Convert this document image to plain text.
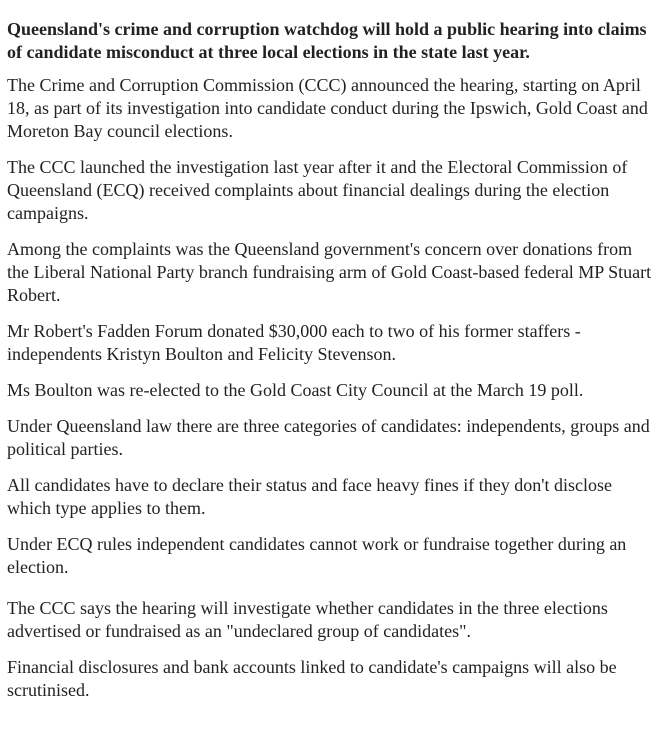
Queensland's crime and corruption watchdog will hold a public hearing into claims of candidate misconduct at three local elections in the state last year.

The Crime and Corruption Commission (CCC) announced the hearing, starting on April 18, as part of its investigation into candidate conduct during the Ipswich, Gold Coast and Moreton Bay council elections.

The CCC launched the investigation last year after it and the Electoral Commission of Queensland (ECQ) received complaints about financial dealings during the election campaigns.

Among the complaints was the Queensland government's concern over donations from the Liberal National Party branch fundraising arm of Gold Coast-based federal MP Stuart Robert.

Mr Robert's Fadden Forum donated $30,000 each to two of his former staffers - independents Kristyn Boulton and Felicity Stevenson.

Ms Boulton was re-elected to the Gold Coast City Council at the March 19 poll.

Under Queensland law there are three categories of candidates: independents, groups and political parties.

All candidates have to declare their status and face heavy fines if they don't disclose which type applies to them.

Under ECQ rules independent candidates cannot work or fundraise together during an election.

The CCC says the hearing will investigate whether candidates in the three elections advertised or fundraised as an "undeclared group of candidates".

Financial disclosures and bank accounts linked to candidate's campaigns will also be scrutinised.
